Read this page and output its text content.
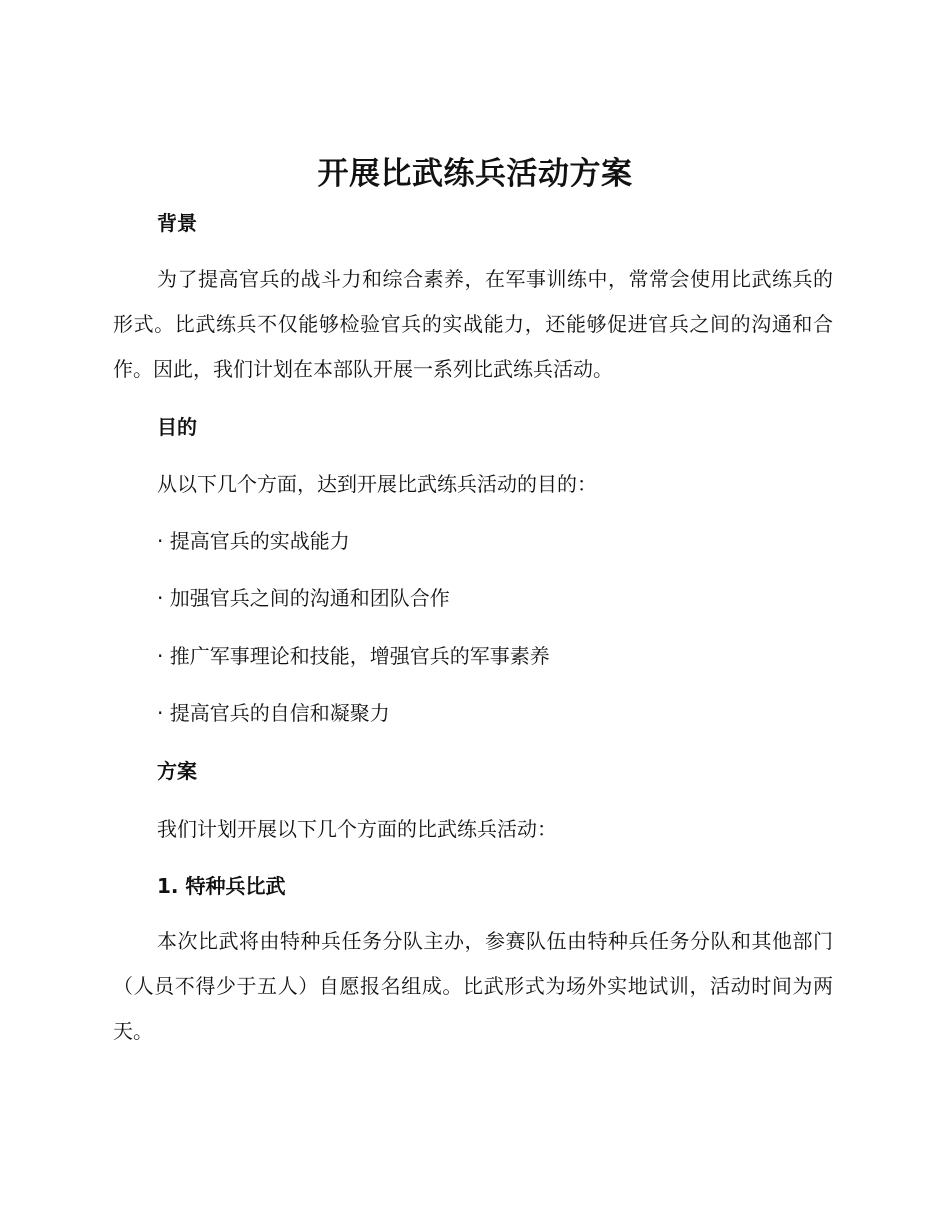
开展比武练兵活动方案
背景
为了提高官兵的战斗力和综合素养，在军事训练中，常常会使用比武练兵的形式。比武练兵不仅能够检验官兵的实战能力，还能够促进官兵之间的沟通和合作。因此，我们计划在本部队开展一系列比武练兵活动。
目的
从以下几个方面，达到开展比武练兵活动的目的：
· 提高官兵的实战能力
· 加强官兵之间的沟通和团队合作
· 推广军事理论和技能，增强官兵的军事素养
· 提高官兵的自信和凝聚力
方案
我们计划开展以下几个方面的比武练兵活动：
1. 特种兵比武
本次比武将由特种兵任务分队主办，参赛队伍由特种兵任务分队和其他部门（人员不得少于五人）自愿报名组成。比武形式为场外实地试训，活动时间为两天。
